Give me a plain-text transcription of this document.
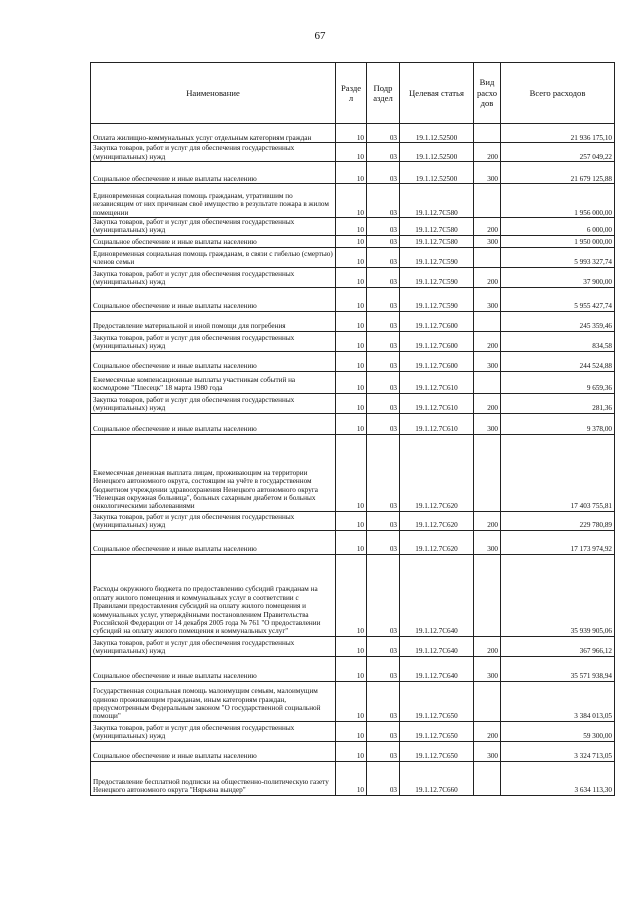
67
Наименование	Разде л	Подр аздел	Целевая статья	Вид расхо дов	Всего расходов
Оплата жилищно-коммунальных услуг отдельным категориям граждан	10	03	19.1.12.52500		21 936 175,10
Закупка товаров, работ и услуг для обеспечения государственных (муниципальных) нужд	10	03	19.1.12.52500	200	257 049,22
Социальное обеспечение и иные выплаты населению	10	03	19.1.12.52500	300	21 679 125,88
Единовременная социальная помощь гражданам, утратившим по независящим от них причинам своё имущество в результате пожара в жилом помещении	10	03	19.1.12.7С580		1 956 000,00
Закупка товаров, работ и услуг для обеспечения государственных (муниципальных) нужд	10	03	19.1.12.7С580	200	6 000,00
Социальное обеспечение и иные выплаты населению	10	03	19.1.12.7С580	300	1 950 000,00
Единовременная социальная помощь гражданам, в связи с гибелью (смертью) членов семьи	10	03	19.1.12.7С590		5 993 327,74
Закупка товаров, работ и услуг для обеспечения государственных (муниципальных) нужд	10	03	19.1.12.7С590	200	37 900,00
Социальное обеспечение и иные выплаты населению	10	03	19.1.12.7С590	300	5 955 427,74
Предоставление материальной и иной помощи для погребения	10	03	19.1.12.7С600		245 359,46
Закупка товаров, работ и услуг для обеспечения государственных (муниципальных) нужд	10	03	19.1.12.7С600	200	834,58
Социальное обеспечение и иные выплаты населению	10	03	19.1.12.7С600	300	244 524,88
Ежемесячные компенсационные выплаты участникам событий на космодроме "Плесецк" 18 марта 1980 года	10	03	19.1.12.7С610		9 659,36
Закупка товаров, работ и услуг для обеспечения государственных (муниципальных) нужд	10	03	19.1.12.7С610	200	281,36
Социальное обеспечение и иные выплаты населению	10	03	19.1.12.7С610	300	9 378,00
Ежемесячная денежная выплата лицам, проживающим на территории Ненецкого автономного округа, состоящим на учёте в государственном бюджетном учреждении здравоохранения Ненецкого автономного округа "Ненецкая окружная больница", больных сахарным диабетом и больных онкологическими заболеваниями	10	03	19.1.12.7С620		17 403 755,81
Закупка товаров, работ и услуг для обеспечения государственных (муниципальных) нужд	10	03	19.1.12.7С620	200	229 780,89
Социальное обеспечение и иные выплаты населению	10	03	19.1.12.7С620	300	17 173 974,92
Расходы окружного бюджета по предоставлению субсидий гражданам на оплату жилого помещения и коммунальных услуг в соответствии с Правилами предоставления субсидий на оплату жилого помещения и коммунальных услуг, утверждёнными постановлением Правительства Российской Федерации от 14 декабря 2005 года № 761 "О предоставлении субсидий на оплату жилого помещения и коммунальных услуг"	10	03	19.1.12.7С640		35 939 905,06
Закупка товаров, работ и услуг для обеспечения государственных (муниципальных) нужд	10	03	19.1.12.7С640	200	367 966,12
Социальное обеспечение и иные выплаты населению	10	03	19.1.12.7С640	300	35 571 938,94
Государственная социальная помощь малоимущим семьям, малоимущим одиноко проживающим гражданам, иным категориям граждан, предусмотренным Федеральным законом "О государственной социальной помощи"	10	03	19.1.12.7С650		3 384 013,05
Закупка товаров, работ и услуг для обеспечения государственных (муниципальных) нужд	10	03	19.1.12.7С650	200	59 300,00
Социальное обеспечение и иные выплаты населению	10	03	19.1.12.7С650	300	3 324 713,05
Предоставление бесплатной подписки на общественно-политическую газету Ненецкого автономного округа "Нярьяна вындер"	10	03	19.1.12.7С660		3 634 113,30
